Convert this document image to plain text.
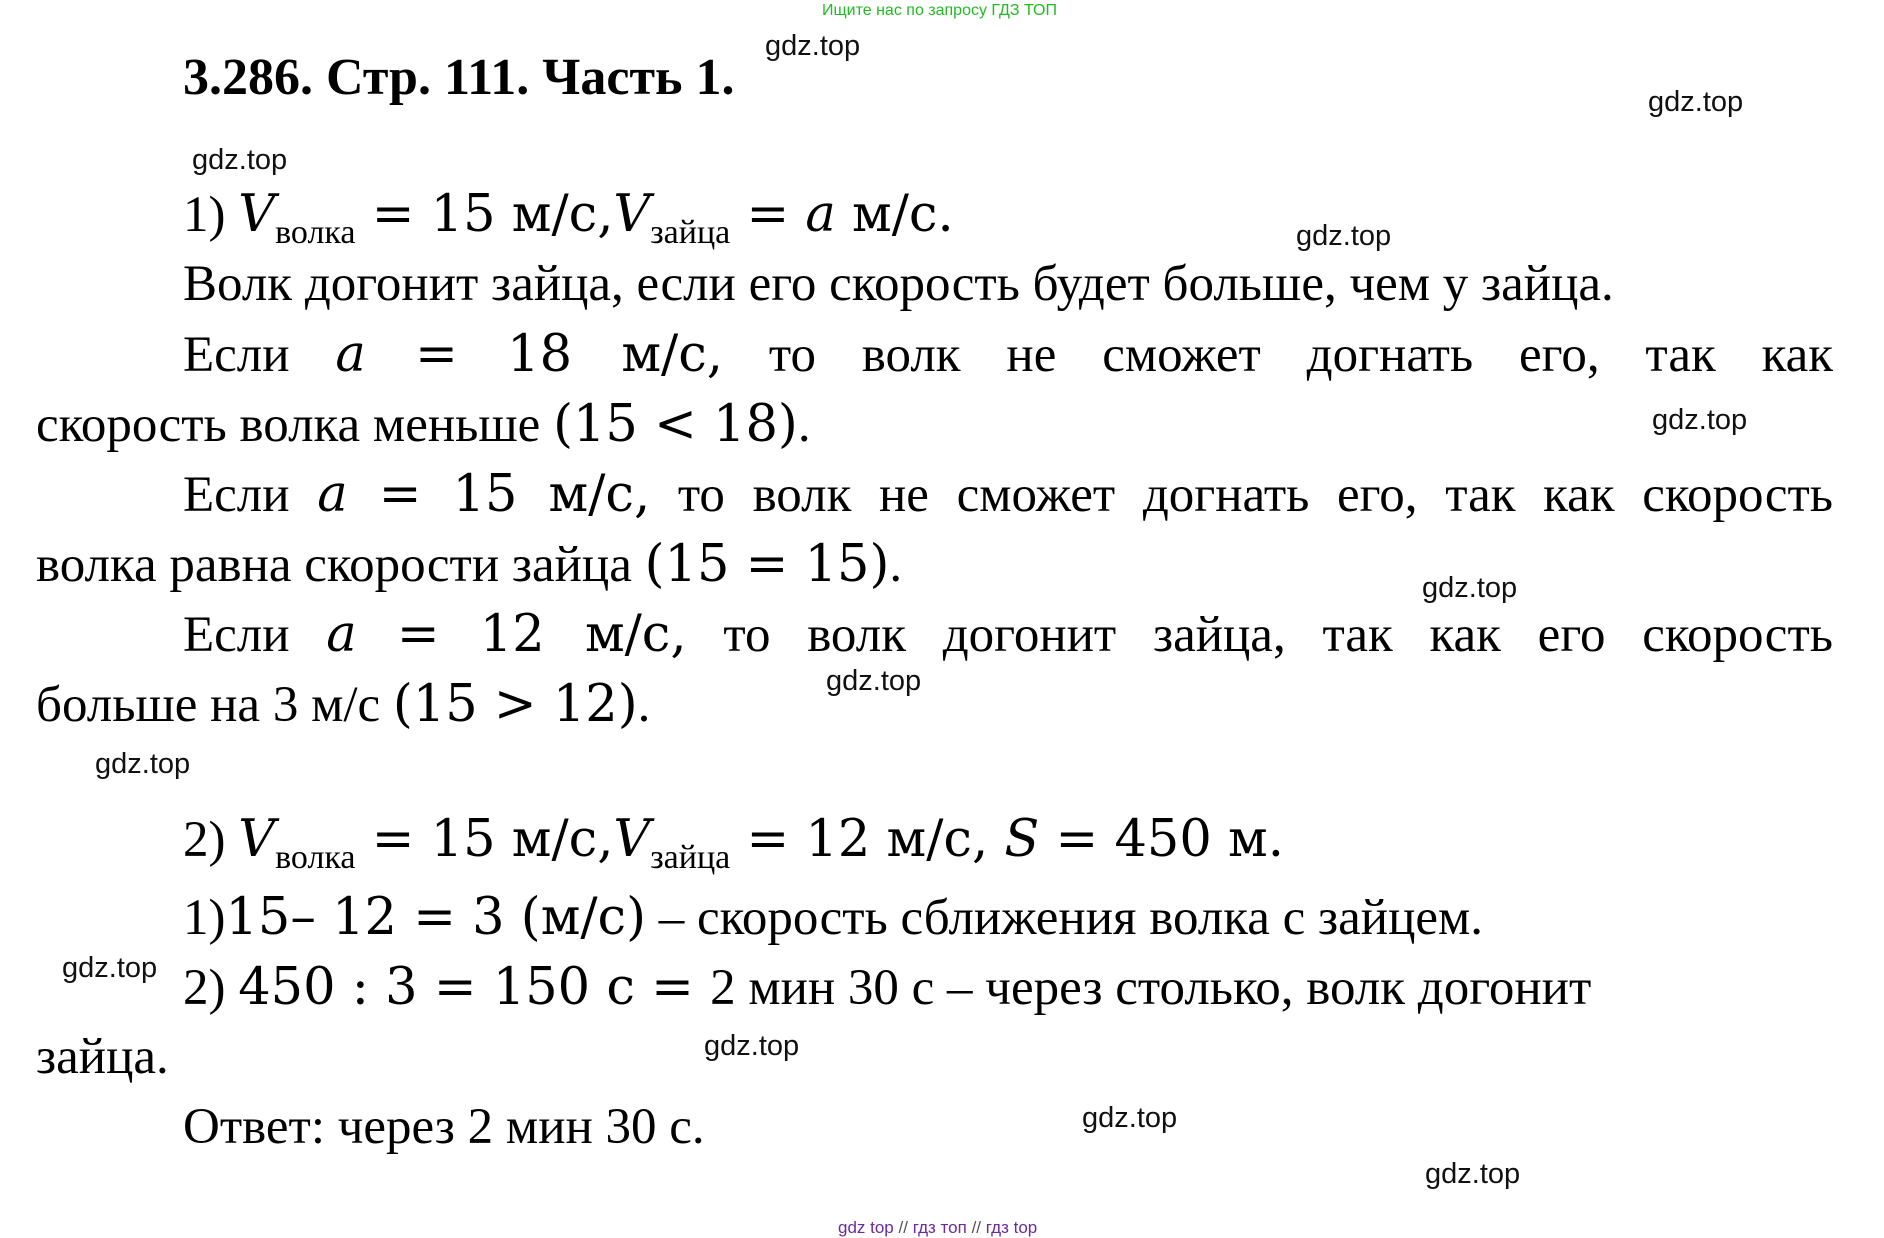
Ищите нас по запросу ГДЗ ТОП
3.286. Стр. 111. Часть 1.
gdz.top
gdz.top
gdz.top
gdz.top
gdz.top
gdz.top
gdz.top
gdz.top
gdz.top
gdz.top
gdz.top
gdz.top
1) $V_{волка} = 15$ $м/с,V_{зайца} = a$ м/с.
Волк догонит зайца, если его скорость будет больше, чем у зайца.
Если a = 18 м/с, то волк не сможет догнать его, так как
скорость волка меньше (15 < 18).
Если a = 15 м/с, то волк не сможет догнать его, так как скорость
волка равна скорости зайца (15 = 15).
Если a = 12 м/с, то волк догонит зайца, так как его скорость
больше на 3 м/с (15 > 12).
2) $V_{волка} = 15$ $м/с,V_{зайца} = 12$ м/с, S = 450 м.
1)15– 12 = 3 (м/с) – скорость сближения волка с зайцем.
2) 450 : 3 = 150 с = 2 мин 30 с – через столько, волк догонит
зайца.
Ответ: через 2 мин 30 с.
gdz top // гдз топ // гдз top
